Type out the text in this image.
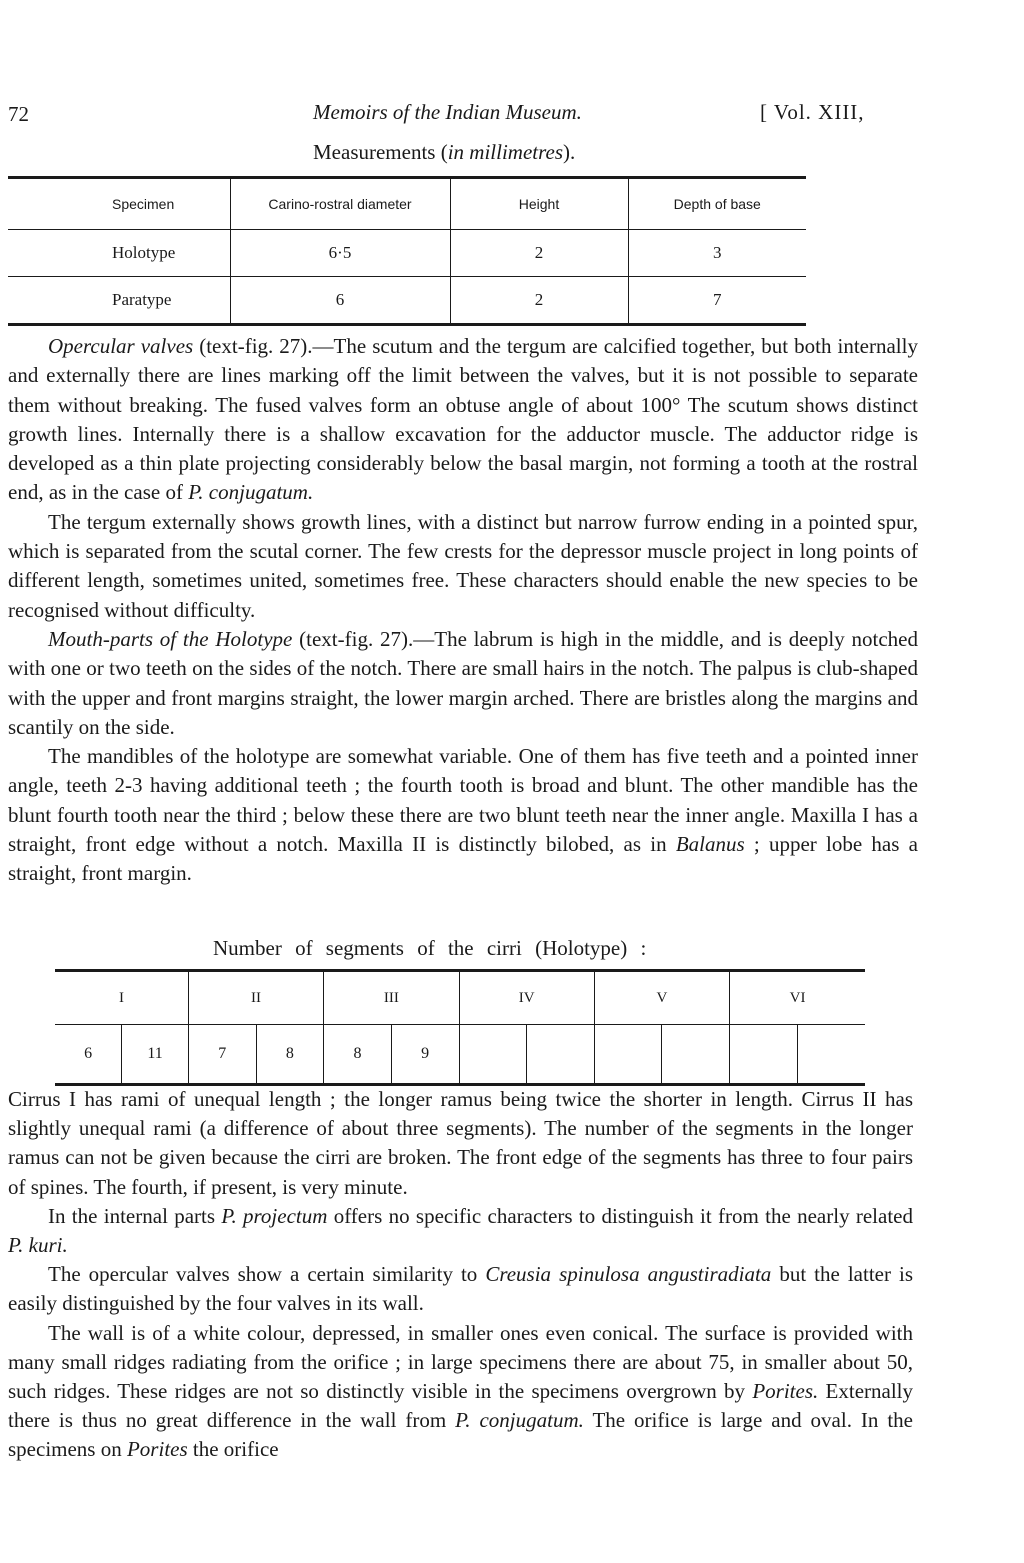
72	Memoirs of the Indian Museum.	[ Vol. XIII,
Measurements (in millimetres).
Specimen	Carino-rostral diameter	Height	Depth of base
Holotype	6·5	2	3
Paratype	6	2	7

Opercular valves (text-fig. 27).—The scutum and the tergum are calcified together, but both internally and externally there are lines marking off the limit between the valves, but it is not possible to separate them without breaking. The fused valves form an obtuse angle of about 100° The scutum shows distinct growth lines. Internally there is a shallow excavation for the adductor muscle. The adductor ridge is developed as a thin plate projecting considerably below the basal margin, not forming a tooth at the rostral end, as in the case of P. conjugatum.

The tergum externally shows growth lines, with a distinct but narrow furrow ending in a pointed spur, which is separated from the scutal corner. The few crests for the depressor muscle project in long points of different length, sometimes united, sometimes free. These characters should enable the new species to be recognised without difficulty.

Mouth-parts of the Holotype (text-fig. 27).—The labrum is high in the middle, and is deeply notched with one or two teeth on the sides of the notch. There are small hairs in the notch. The palpus is club-shaped with the upper and front margins straight, the lower margin arched. There are bristles along the margins and scantily on the side.

The mandibles of the holotype are somewhat variable. One of them has five teeth and a pointed inner angle, teeth 2-3 having additional teeth ; the fourth tooth is broad and blunt. The other mandible has the blunt fourth tooth near the third ; below these there are two blunt teeth near the inner angle. Maxilla I has a straight, front edge without a notch. Maxilla II is distinctly bilobed, as in Balanus ; upper lobe has a straight, front margin.

Number of segments of the cirri (Holotype) :
I		II		III		IV		V		VI	
6	11	7	8	8	9						

Cirrus I has rami of unequal length ; the longer ramus being twice the shorter in length. Cirrus II has slightly unequal rami (a difference of about three segments). The number of the segments in the longer ramus can not be given because the cirri are broken. The front edge of the segments has three to four pairs of spines. The fourth, if present, is very minute.

In the internal parts P. projectum offers no specific characters to distinguish it from the nearly related P. kuri.

The opercular valves show a certain similarity to Creusia spinulosa angustiradiata but the latter is easily distinguished by the four valves in its wall.

The wall is of a white colour, depressed, in smaller ones even conical. The surface is provided with many small ridges radiating from the orifice ; in large specimens there are about 75, in smaller about 50, such ridges. These ridges are not so distinctly visible in the specimens overgrown by Porites. Externally there is thus no great difference in the wall from P. conjugatum. The orifice is large and oval. In the specimens on Porites the orifice
